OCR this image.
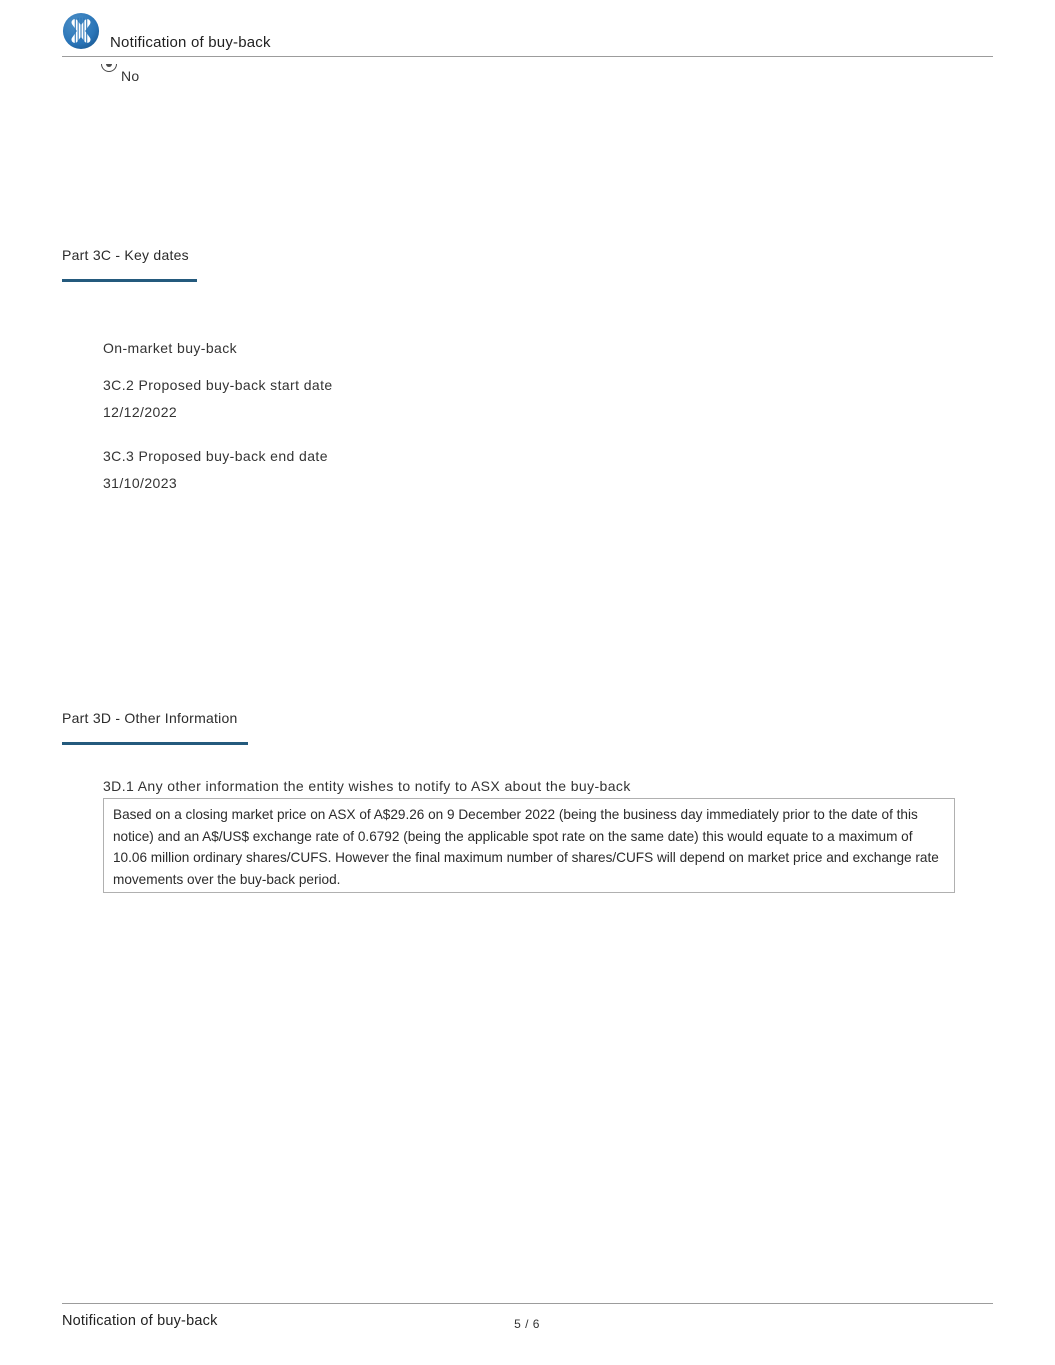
Notification of buy-back
No
Part 3C - Key dates
On-market buy-back
3C.2 Proposed buy-back start date
12/12/2022
3C.3 Proposed buy-back end date
31/10/2023
Part 3D - Other Information
3D.1 Any other information the entity wishes to notify to ASX about the buy-back
Based on a closing market price on ASX of A$29.26 on 9 December 2022 (being the business day immediately prior to the date of this notice) and an A$/US$ exchange rate of 0.6792 (being the applicable spot rate on the same date) this would equate to a maximum of 10.06 million ordinary shares/CUFS. However the final maximum number of shares/CUFS will depend on market price and exchange rate movements over the buy-back period.
Notification of buy-back	5 / 6
